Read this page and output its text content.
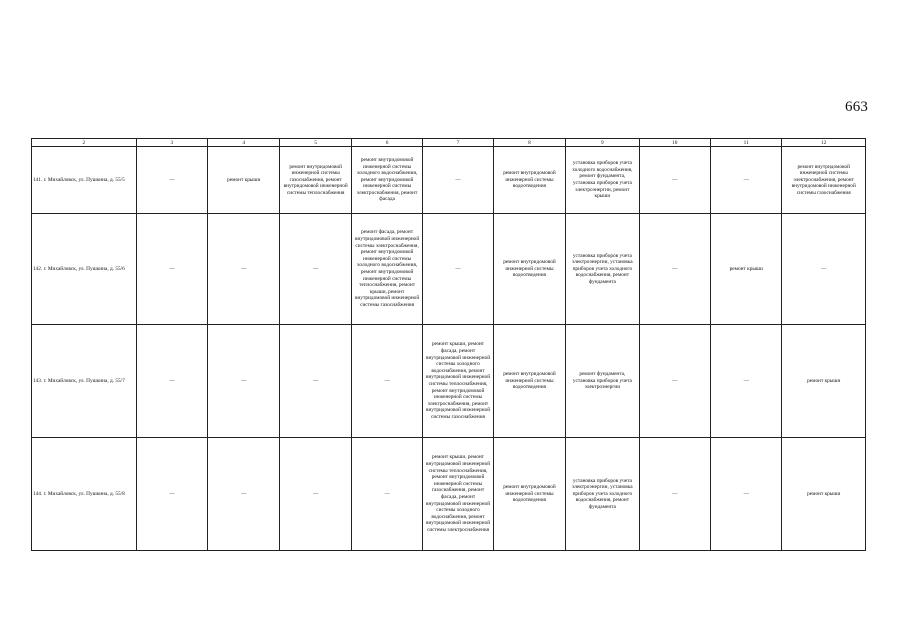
663
2	3	4	5	6	7	8	9	10	11	12
141. г. Михайловск, ул. Пушкина, д. 55/5	—	ремонт крыши	ремонт внутридомовой инженерной системы газоснабжения, ремонт внутридомовой инженерной системы теплоснабжения	ремонт внутридомовой инженерной системы холодного водоснабжения, ремонт внутридомовой инженерной системы электроснабжения, ремонт фасада	—	ремонт внутридомовой инженерной системы водоотведения	установка приборов учета холодного водоснабжения, ремонт фундамента, установка приборов учета электроэнергии, ремонт крыши	—	—	ремонт внутридомовой инженерной системы электроснабжения, ремонт внутридомовой инженерной системы газоснабжения
142. г. Михайловск, ул. Пушкина, д. 55/6	—	—	—	ремонт фасада, ремонт внутридомовой инженерной системы электроснабжения, ремонт внутридомовой инженерной системы холодного водоснабжения, ремонт внутридомовой инженерной системы теплоснабжения, ремонт крыши, ремонт внутридомовой инженерной системы газоснабжения	—	ремонт внутридомовой инженерной системы водоотведения	установка приборов учета электроэнергии, установка приборов учета холодного водоснабжения, ремонт фундамента	—	ремонт крыши	—
143. г. Михайловск, ул. Пушкина, д. 55/7	—	—	—	—	ремонт крыши, ремонт фасада, ремонт внутридомовой инженерной системы холодного водоснабжения, ремонт внутридомовой инженерной системы теплоснабжения, ремонт внутридомовой инженерной системы электроснабжения, ремонт внутридомовой инженерной системы газоснабжения	ремонт внутридомовой инженерной системы водоотведения	ремонт фундамента, установка приборов учета электроэнергии	—	—	ремонт крыши
144. г. Михайловск, ул. Пушкина, д. 55/8	—	—	—	—	ремонт крыши, ремонт внутридомовой инженерной системы теплоснабжения, ремонт внутридомовой инженерной системы газоснабжения, ремонт фасада, ремонт внутридомовой инженерной системы холодного водоснабжения, ремонт внутридомовой инженерной системы электроснабжения	ремонт внутридомовой инженерной системы водоотведения	установка приборов учета электроэнергии, установка приборов учета холодного водоснабжения, ремонт фундамента	—	—	ремонт крыши
